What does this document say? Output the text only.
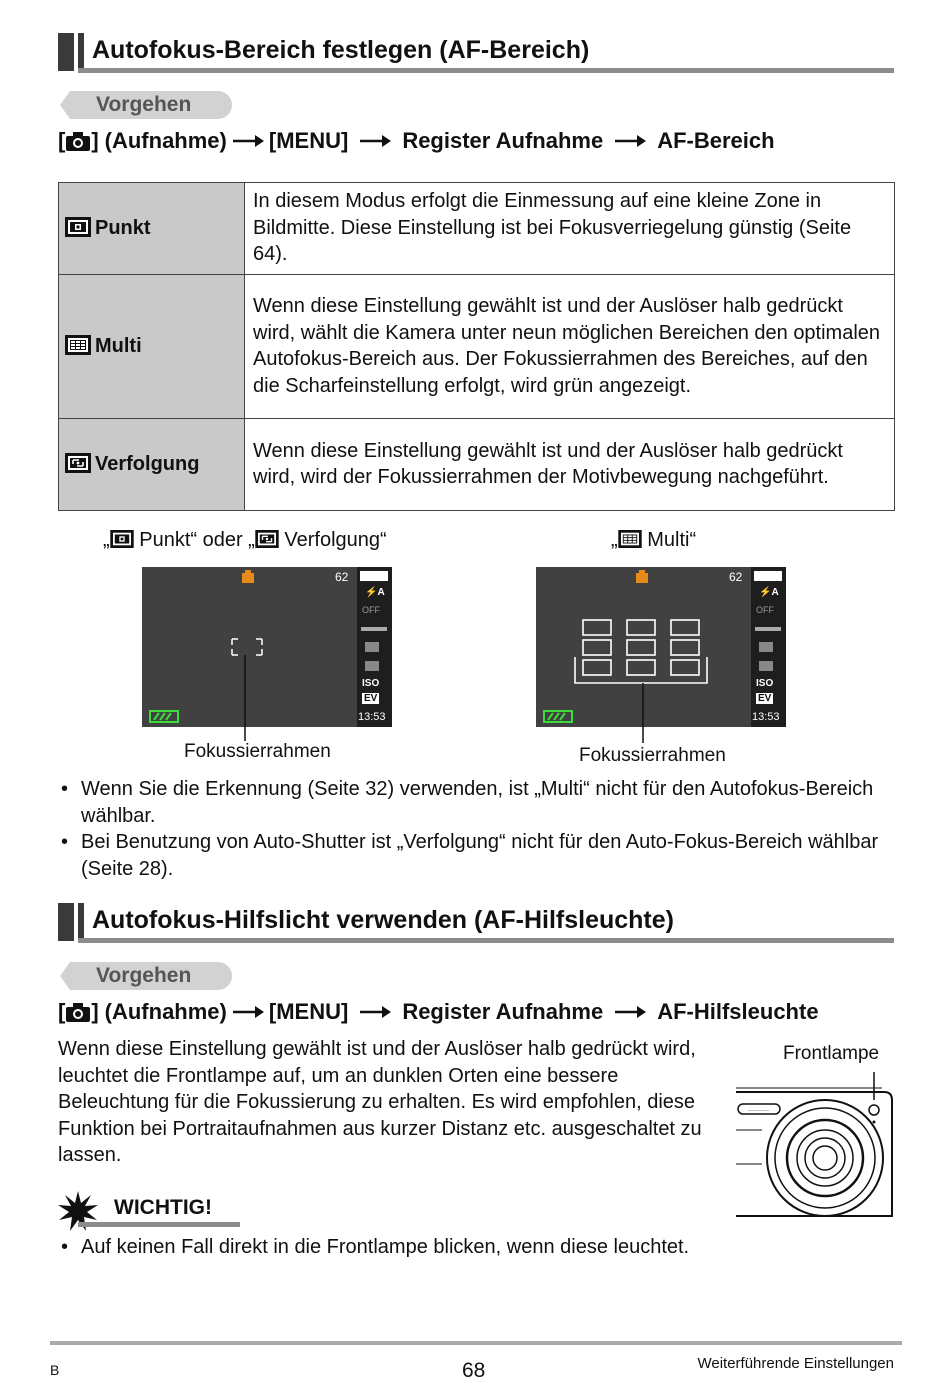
Autofokus-Bereich festlegen (AF-Bereich)
Vorgehen
[ ] (Aufnahme) [MENU] Register Aufnahme AF-Bereich
Punkt	In diesem Modus erfolgt die Einmessung auf eine kleine Zone in Bildmitte. Diese Einstellung ist bei Fokusverriegelung günstig (Seite 64).
Multi	Wenn diese Einstellung gewählt ist und der Auslöser halb gedrückt wird, wählt die Kamera unter neun möglichen Bereichen den optimalen Autofokus-Bereich aus. Der Fokussierrahmen des Bereiches, auf den die Scharfeinstellung erfolgt, wird grün angezeigt.
Verfolgung	Wenn diese Einstellung gewählt ist und der Auslöser halb gedrückt wird, wird der Fokussierrahmen der Motivbewegung nachgeführt.
„ Punkt“ oder „ Verfolgung“	„ Multi“
62
⚡A
OFF
ISO
EV
13:53
Fokussierrahmen
62
⚡A
OFF
ISO
EV
13:53
Fokussierrahmen
• Wenn Sie die Erkennung (Seite 32) verwenden, ist „Multi“ nicht für den Autofokus-Bereich wählbar.
• Bei Benutzung von Auto-Shutter ist „Verfolgung“ nicht für den Auto-Fokus-Bereich wählbar (Seite 28).
Autofokus-Hilfslicht verwenden (AF-Hilfsleuchte)
Vorgehen
[ ] (Aufnahme) [MENU] Register Aufnahme AF-Hilfsleuchte
Wenn diese Einstellung gewählt ist und der Auslöser halb gedrückt wird, leuchtet die Frontlampe auf, um an dunklen Orten eine bessere Beleuchtung für die Fokussierung zu erhalten. Es wird empfohlen, diese Funktion bei Portraitaufnahmen aus kurzer Distanz etc. ausgeschaltet zu lassen.
Frontlampe
———
WICHTIG!
• Auf keinen Fall direkt in die Frontlampe blicken, wenn diese leuchtet.
B	68	Weiterführende Einstellungen
